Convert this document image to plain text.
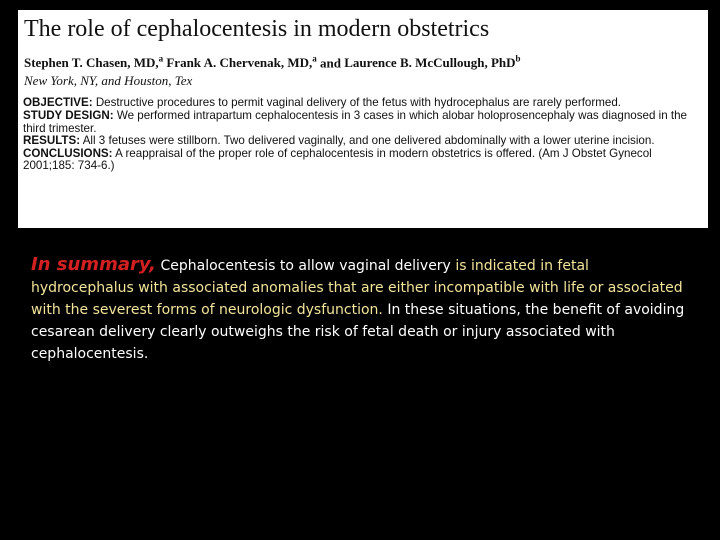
The role of cephalocentesis in modern obstetrics
Stephen T. Chasen, MD,$^a$ Frank A. Chervenak, MD,$^a$ and Laurence B. McCullough, PhD$^b$
New York, NY, and Houston, Tex
OBJECTIVE: Destructive procedures to permit vaginal delivery of the fetus with hydrocephalus are rarely performed.
STUDY DESIGN: We performed intrapartum cephalocentesis in 3 cases in which alobar holoprosencephaly was diagnosed in the third trimester.
RESULTS: All 3 fetuses were stillborn. Two delivered vaginally, and one delivered abdominally with a lower uterine incision.
CONCLUSIONS: A reappraisal of the proper role of cephalocentesis in modern obstetrics is offered. (Am J Obstet Gynecol 2001;185: 734-6.)
In summary, Cephalocentesis to allow vaginal delivery is indicated in fetal hydrocephalus with associated anomalies that are either incompatible with life or associated with the severest forms of neurologic dysfunction. In these situations, the benefit of avoiding cesarean delivery clearly outweighs the risk of fetal death or injury associated with cephalocentesis.
